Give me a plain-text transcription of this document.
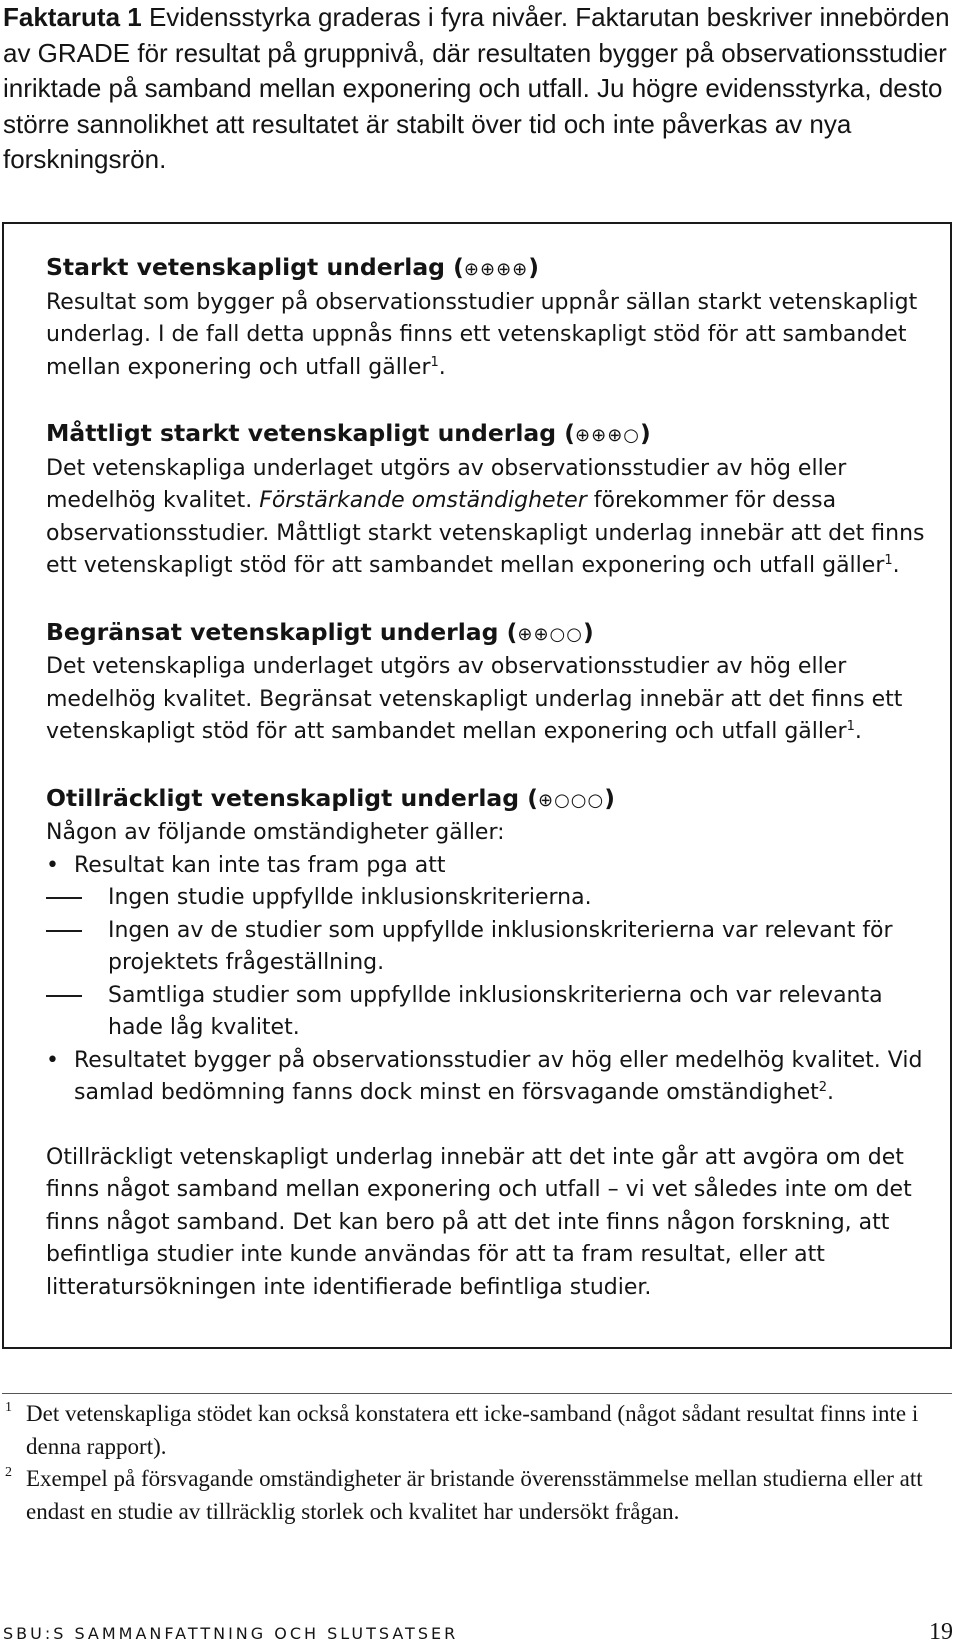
Faktaruta 1 Evidensstyrka graderas i fyra nivåer. Faktarutan beskriver innebörden av GRADE för resultat på gruppnivå, där resultaten bygger på observationsstudier inriktade på samband mellan exponering och utfall. Ju högre evidensstyrka, desto större sannolikhet att resultatet är stabilt över tid och inte påverkas av nya forskningsrön.
Starkt vetenskapligt underlag (⊕⊕⊕⊕)
Resultat som bygger på observationsstudier uppnår sällan starkt vetenskapligt underlag. I de fall detta uppnås finns ett vetenskapligt stöd för att sambandet mellan exponering och utfall gäller$^1$.
Måttligt starkt vetenskapligt underlag (⊕⊕⊕○)
Det vetenskapliga underlaget utgörs av observationsstudier av hög eller medelhög kvalitet. Förstärkande omständigheter förekommer för dessa observationsstudier. Måttligt starkt vetenskapligt underlag innebär att det finns ett vetenskapligt stöd för att sambandet mellan exponering och utfall gäller$^1$.
Begränsat vetenskapligt underlag (⊕⊕○○)
Det vetenskapliga underlaget utgörs av observationsstudier av hög eller medelhög kvalitet. Begränsat vetenskapligt underlag innebär att det finns ett vetenskapligt stöd för att sambandet mellan exponering och utfall gäller$^1$.
Otillräckligt vetenskapligt underlag (⊕○○○)
Någon av följande omständigheter gäller:
• Resultat kan inte tas fram pga att
Ingen studie uppfyllde inklusionskriterierna.
Ingen av de studier som uppfyllde inklusionskriterierna var relevant för projektets frågeställning.
Samtliga studier som uppfyllde inklusionskriterierna och var relevanta hade låg kvalitet.
• Resultatet bygger på observationsstudier av hög eller medelhög kvalitet. Vid samlad bedömning fanns dock minst en försvagande omständighet$^2$.
Otillräckligt vetenskapligt underlag innebär att det inte går att avgöra om det finns något samband mellan exponering och utfall – vi vet således inte om det finns något samband. Det kan bero på att det inte finns någon forskning, att befintliga studier inte kunde användas för att ta fram resultat, eller att litteratursökningen inte identifierade befintliga studier.
1 Det vetenskapliga stödet kan också konstatera ett icke-samband (något sådant resultat finns inte i denna rapport).
2 Exempel på försvagande omständigheter är bristande överensstämmelse mellan studierna eller att endast en studie av tillräcklig storlek och kvalitet har undersökt frågan.
SBU:S SAMMANFATTNING OCH SLUTSATSER	19
